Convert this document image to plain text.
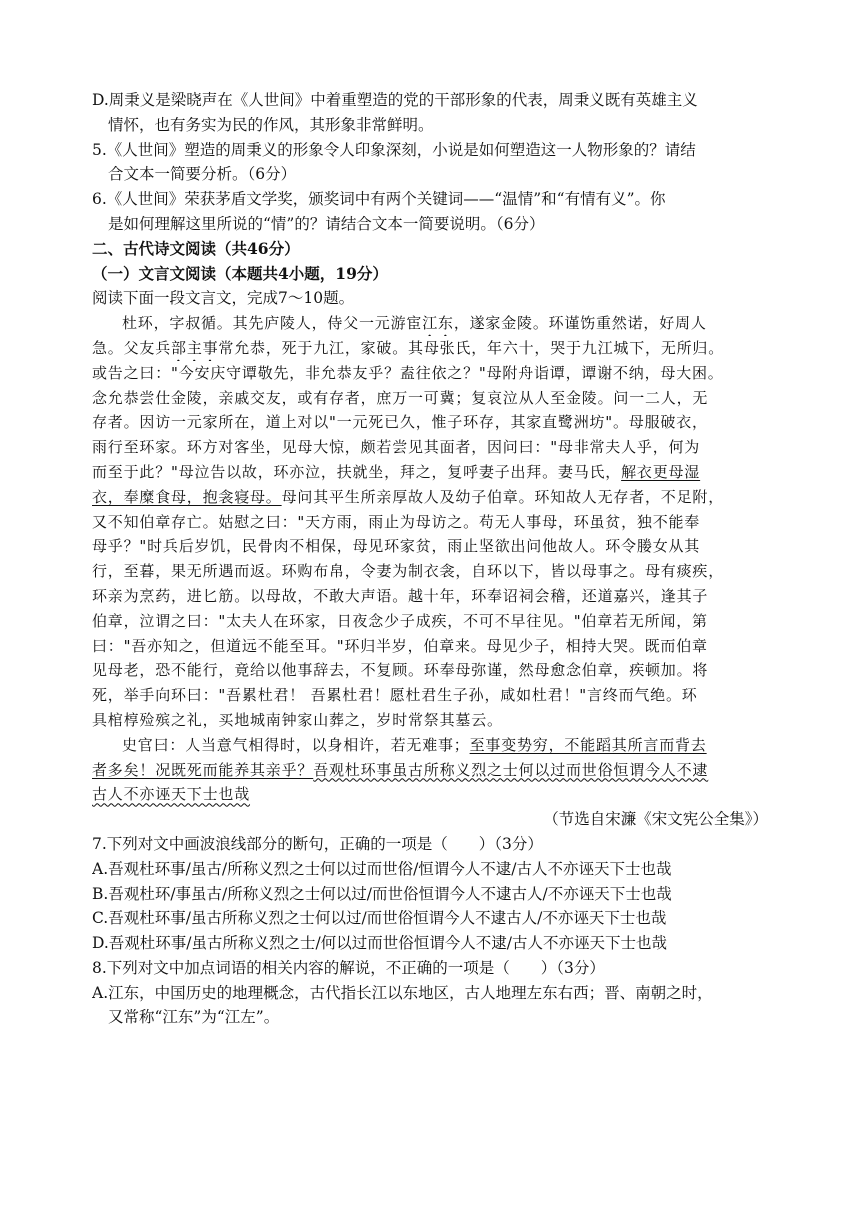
D.周秉义是梁晓声在《人世间》中着重塑造的党的干部形象的代表，周秉义既有英雄主义
情怀，也有务实为民的作风，其形象非常鲜明。
5.《人世间》塑造的周秉义的形象令人印象深刻，小说是如何塑造这一人物形象的？请结
合文本一简要分析。（6分）
6.《人世间》荣获茅盾文学奖，颁奖词中有两个关键词——“温情”和“有情有义”。你
是如何理解这里所说的“情”的？请结合文本一简要说明。（6分）
二、古代诗文阅读（共46分）
（一）文言文阅读（本题共4小题，19分）
阅读下面一段文言文，完成7～10题。
杜环，字叔循。其先庐陵人，侍父一元游宦江东，遂家金陵。环谨饬重然诺，好周人
急。父友兵部主事常允恭，死于九江，家破。其母张氏，年六十，哭于九江城下，无所归。
或告之曰："今安庆守谭敬先，非允恭友乎？盍往依之？"母附舟诣谭，谭谢不纳，母大困。
念允恭尝仕金陵，亲戚交友，或有存者，庶万一可冀；复哀泣从人至金陵。问一二人，无
存者。因访一元家所在，道上对以"一元死已久，惟子环存，其家直鹭洲坊"。母服破衣，
雨行至环家。环方对客坐，见母大惊，颇若尝见其面者，因问曰："母非常夫人乎，何为
而至于此？"母泣告以故，环亦泣，扶就坐，拜之，复呼妻子出拜。妻马氏，解衣更母湿
衣，奉糜食母，抱衾寝母。母问其平生所亲厚故人及幼子伯章。环知故人无存者，不足附，
又不知伯章存亡。姑慰之曰："天方雨，雨止为母访之。苟无人事母，环虽贫，独不能奉
母乎？"时兵后岁饥，民骨肉不相保，母见环家贫，雨止坚欲出问他故人。环令媵女从其
行，至暮，果无所遇而返。环购布帛，令妻为制衣衾，自环以下，皆以母事之。母有痰疾，
环亲为烹药，进匕筋。以母故，不敢大声语。越十年，环奉诏祠会稽，还道嘉兴，逢其子
伯章，泣谓之曰："太夫人在环家，日夜念少子成疾，不可不早往见。"伯章若无所闻，第
曰："吾亦知之，但道远不能至耳。"环归半岁，伯章来。母见少子，相持大哭。既而伯章
见母老，恐不能行，竟给以他事辞去，不复顾。环奉母弥谨，然母愈念伯章，疾顿加。将
死，举手向环曰："吾累杜君！ 吾累杜君！愿杜君生子孙，咸如杜君！"言终而气绝。环
具棺椁殓殡之礼，买地城南钟家山葬之，岁时常祭其墓云。
史官曰：人当意气相得时，以身相许，若无难事；至事变势穷，不能蹈其所言而背去
者多矣！况既死而能养其亲乎？吾观杜环事虽古所称义烈之士何以过而世俗恒谓今人不逮
古人不亦诬天下士也哉
（节选自宋濂《宋文宪公全集》）
7.下列对文中画波浪线部分的断句，正确的一项是（　　）（3分）
A.吾观杜环事/虽古/所称义烈之士何以过而世俗/恒谓今人不逮/古人不亦诬天下士也哉
B.吾观杜环/事虽古/所称义烈之士何以过/而世俗恒谓今人不逮古人/不亦诬天下士也哉
C.吾观杜环事/虽古所称义烈之士何以过/而世俗恒谓今人不逮古人/不亦诬天下士也哉
D.吾观杜环事/虽古所称义烈之士/何以过而世俗恒谓今人不逮/古人不亦诬天下士也哉
8.下列对文中加点词语的相关内容的解说，不正确的一项是（　　）（3分）
A.江东，中国历史的地理概念，古代指长江以东地区，古人地理左东右西；晋、南朝之时，
又常称“江东”为“江左”。
